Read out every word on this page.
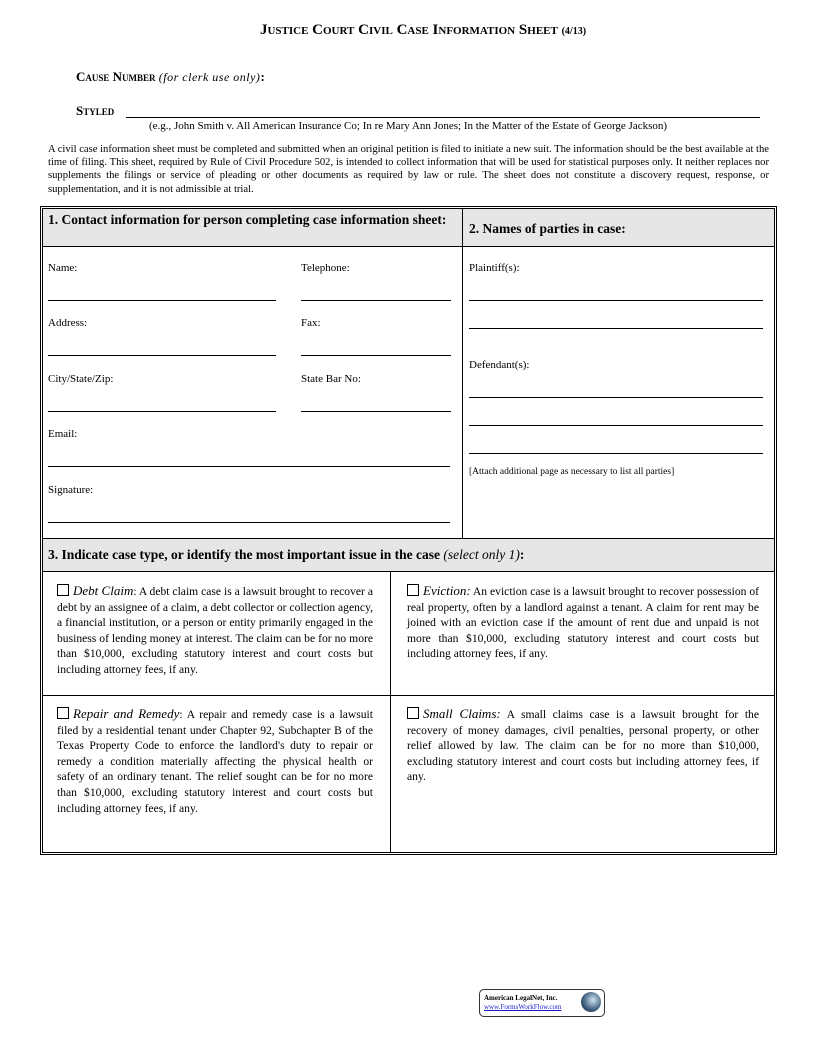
Justice Court Civil Case Information Sheet (4/13)
Cause Number (for clerk use only):
Styled
(e.g., John Smith v. All American Insurance Co; In re Mary Ann Jones; In the Matter of the Estate of George Jackson)
A civil case information sheet must be completed and submitted when an original petition is filed to initiate a new suit. The information should be the best available at the time of filing. This sheet, required by Rule of Civil Procedure 502, is intended to collect information that will be used for statistical purposes only. It neither replaces nor supplements the filings or service of pleading or other documents as required by law or rule. The sheet does not constitute a discovery request, response, or supplementation, and it is not admissible at trial.
1. Contact information for person completing case information sheet:
2. Names of parties in case:
Name:	Telephone:
Address:	Fax:
City/State/Zip:	State Bar No:
Email:
Signature:
Plaintiff(s):
Defendant(s):
[Attach additional page as necessary to list all parties]
3. Indicate case type, or identify the most important issue in the case (select only 1):
Debt Claim: A debt claim case is a lawsuit brought to recover a debt by an assignee of a claim, a debt collector or collection agency, a financial institution, or a person or entity primarily engaged in the business of lending money at interest. The claim can be for no more than $10,000, excluding statutory interest and court costs but including attorney fees, if any.
Eviction: An eviction case is a lawsuit brought to recover possession of real property, often by a landlord against a tenant. A claim for rent may be joined with an eviction case if the amount of rent due and unpaid is not more than $10,000, excluding statutory interest and court costs but including attorney fees, if any.
Repair and Remedy: A repair and remedy case is a lawsuit filed by a residential tenant under Chapter 92, Subchapter B of the Texas Property Code to enforce the landlord's duty to repair or remedy a condition materially affecting the physical health or safety of an ordinary tenant. The relief sought can be for no more than $10,000, excluding statutory interest and court costs but including attorney fees, if any.
Small Claims: A small claims case is a lawsuit brought for the recovery of money damages, civil penalties, personal property, or other relief allowed by law. The claim can be for no more than $10,000, excluding statutory interest and court costs but including attorney fees, if any.
American LegalNet, Inc.
www.FormsWorkFlow.com
